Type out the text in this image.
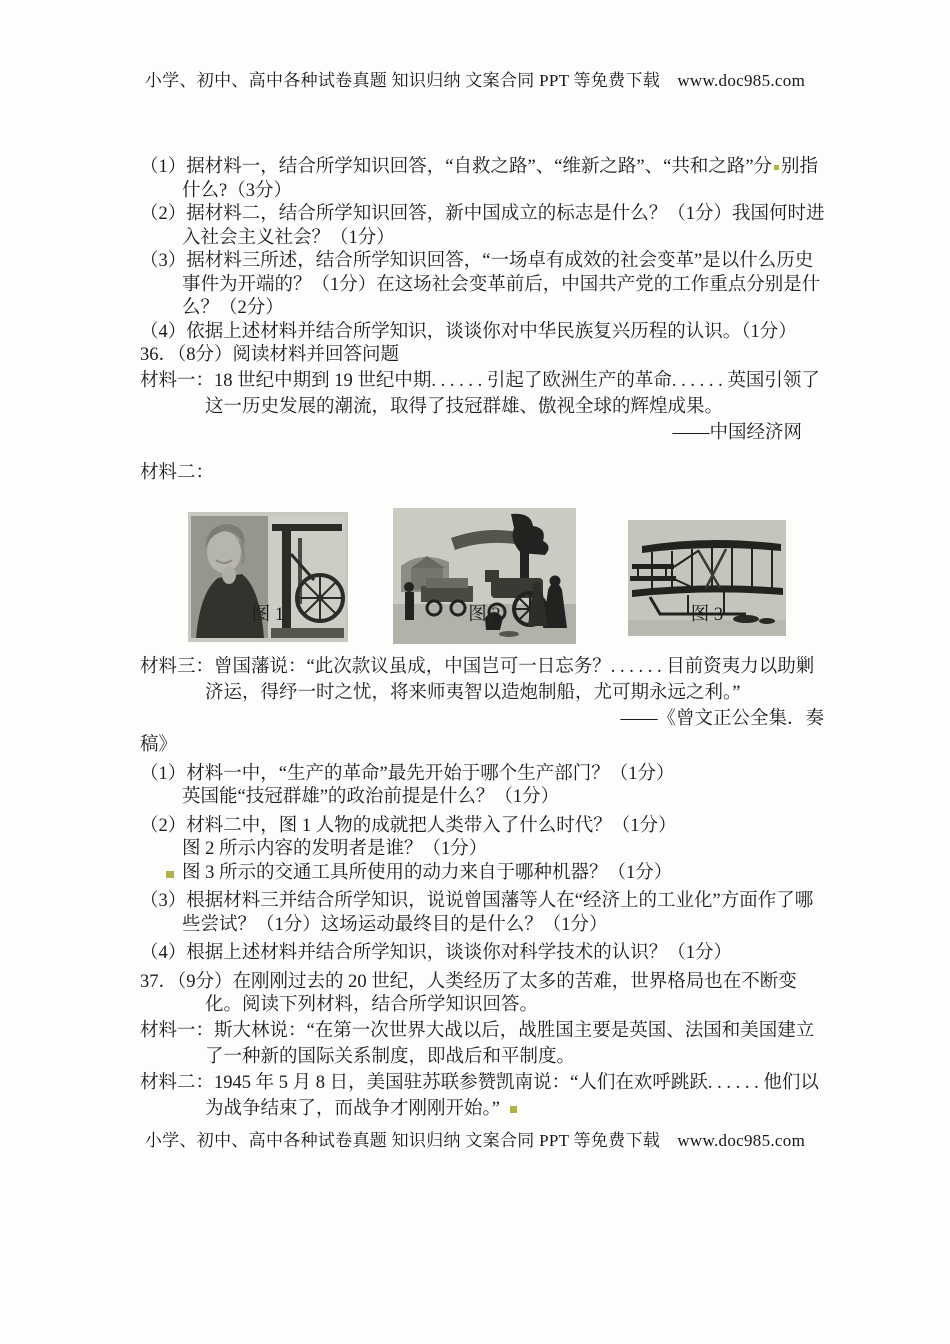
小学、初中、高中各种试卷真题 知识归纳 文案合同 PPT 等免费下载　www.doc985.com

（1）据材料一，结合所学知识回答，“自救之路”、“维新之路”、“共和之路”分 别指什么?（3分）

（2）据材料二，结合所学知识回答，新中国成立的标志是什么？（1分）我国何时进入社会主义社会？（1分）

（3）据材料三所述，结合所学知识回答，“一场卓有成效的社会变革”是以什么历史事件为开端的？（1分）在这场社会变革前后，中国共产党的工作重点分别是什么？（2分）

（4）依据上述材料并结合所学知识，谈谈你对中华民族复兴历程的认识。（1分）

36．（8分）阅读材料并回答问题

材料一：18 世纪中期到 19 世纪中期. . . . . . 引起了欧洲生产的革命. . . . . . 英国引领了这一历史发展的潮流，取得了技冠群雄、傲视全球的辉煌成果。

——中国经济网

材料二：

图 1	图 2	图 3

材料三：曾国藩说：“此次款议虽成，中国岂可一日忘务？. . . . . . 目前资夷力以助剿济运，得纾一时之忧，将来师夷智以造炮制船，尤可期永远之利。”

——《曾文正公全集．奏

稿》

（1）材料一中，“生产的革命”最先开始于哪个生产部门？（1分）

英国能“技冠群雄”的政治前提是什么？（1分）

（2）材料二中，图 1 人物的成就把人类带入了什么时代？（1分）

图 2 所示内容的发明者是谁？（1分）

图 3 所示的交通工具所使用的动力来自于哪种机器？（1分）

（3）根据材料三并结合所学知识，说说曾国藩等人在“经济上的工业化”方面作了哪些尝试？（1分）这场运动最终目的是什么？（1分）

（4）根据上述材料并结合所学知识，谈谈你对科学技术的认识？（1分）

37．（9分）在刚刚过去的 20 世纪，人类经历了太多的苦难，世界格局也在不断变化。阅读下列材料，结合所学知识回答。

材料一：斯大林说：“在第一次世界大战以后，战胜国主要是英国、法国和美国建立了一种新的国际关系制度，即战后和平制度。

材料二：1945 年 5 月 8 日，美国驻苏联参赞凯南说：“人们在欢呼跳跃. . . . . . 他们以为战争结束了，而战争才刚刚开始。”

小学、初中、高中各种试卷真题 知识归纳 文案合同 PPT 等免费下载　www.doc985.com
